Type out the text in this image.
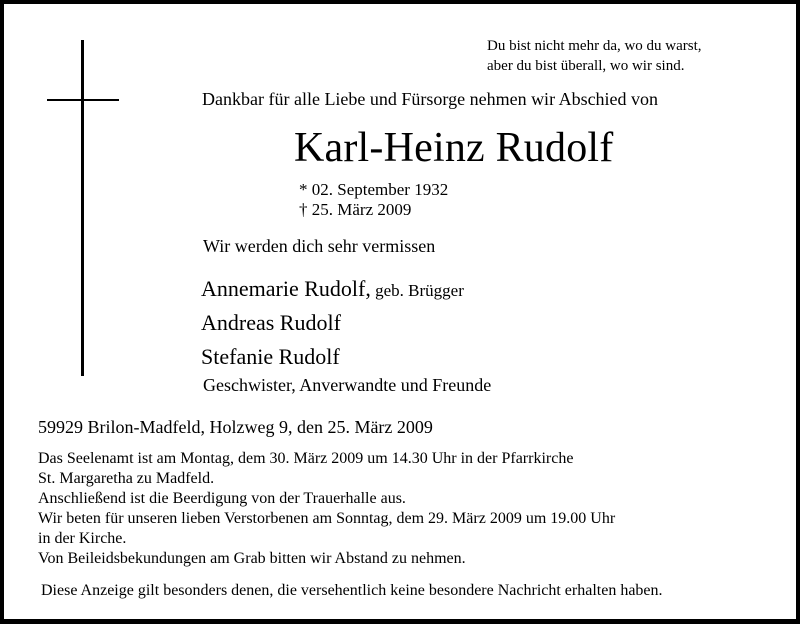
Du bist nicht mehr da, wo du warst,
aber du bist überall, wo wir sind.
Dankbar für alle Liebe und Fürsorge nehmen wir Abschied von
Karl-Heinz Rudolf
* 02. September 1932
† 25. März 2009
Wir werden dich sehr vermissen
Annemarie Rudolf, geb. Brügger
Andreas Rudolf
Stefanie Rudolf
Geschwister, Anverwandte und Freunde
59929 Brilon-Madfeld, Holzweg 9, den 25. März 2009
Das Seelenamt ist am Montag, dem 30. März 2009 um 14.30 Uhr in der Pfarrkirche
St. Margaretha zu Madfeld.
Anschließend ist die Beerdigung von der Trauerhalle aus.
Wir beten für unseren lieben Verstorbenen am Sonntag, dem 29. März 2009 um 19.00 Uhr
in der Kirche.
Von Beileidsbekundungen am Grab bitten wir Abstand zu nehmen.
Diese Anzeige gilt besonders denen, die versehentlich keine besondere Nachricht erhalten haben.
